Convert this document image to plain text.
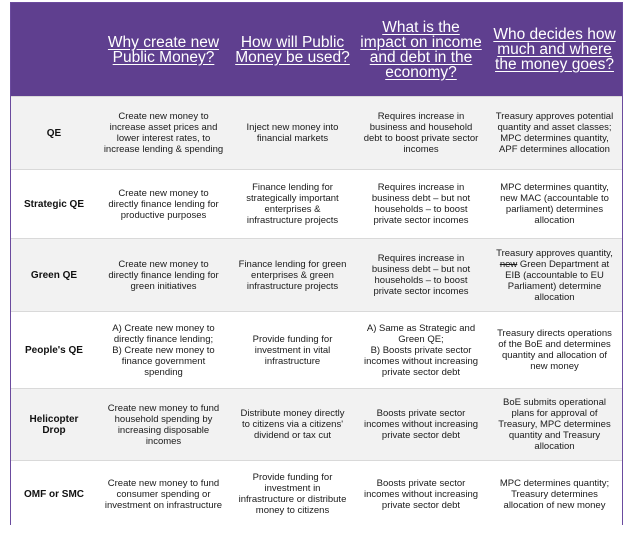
	Why create new Public Money?	How will Public Money be used?	What is the impact on income and debt in the economy?	Who decides how much and where the money goes?
QE	Create new money to increase asset prices and lower interest rates, to increase lending & spending	Inject new money into financial markets	Requires increase in business and household debt to boost private sector incomes	Treasury approves potential quantity and asset classes; MPC determines quantity, APF determines allocation
Strategic QE	Create new money to directly finance lending for productive purposes	Finance lending for strategically important enterprises & infrastructure projects	Requires increase in business debt – but not households – to boost private sector incomes	MPC determines quantity, new MAC (accountable to parliament) determines allocation
Green QE	Create new money to directly finance lending for green initiatives	Finance lending for green enterprises & green infrastructure projects	Requires increase in business debt – but not households – to boost private sector incomes	Treasury approves quantity, new Green Department at EIB (accountable to EU Parliament) determine allocation
People's QE	A) Create new money to directly finance lending;
B) Create new money to finance government spending	Provide funding for investment in vital infrastructure	A) Same as Strategic and Green QE;
B) Boosts private sector incomes without increasing private sector debt	Treasury directs operations of the BoE and determines quantity and allocation of new money
Helicopter Drop	Create new money to fund household spending by increasing disposable incomes	Distribute money directly to citizens via a citizens' dividend or tax cut	Boosts private sector incomes without increasing private sector debt	BoE submits operational plans for approval of Treasury, MPC determines quantity and Treasury allocation
OMF or SMC	Create new money to fund consumer spending or investment on infrastructure	Provide funding for investment in infrastructure or distribute money to citizens	Boosts private sector incomes without increasing private sector debt	MPC determines quantity; Treasury determines allocation of new money
